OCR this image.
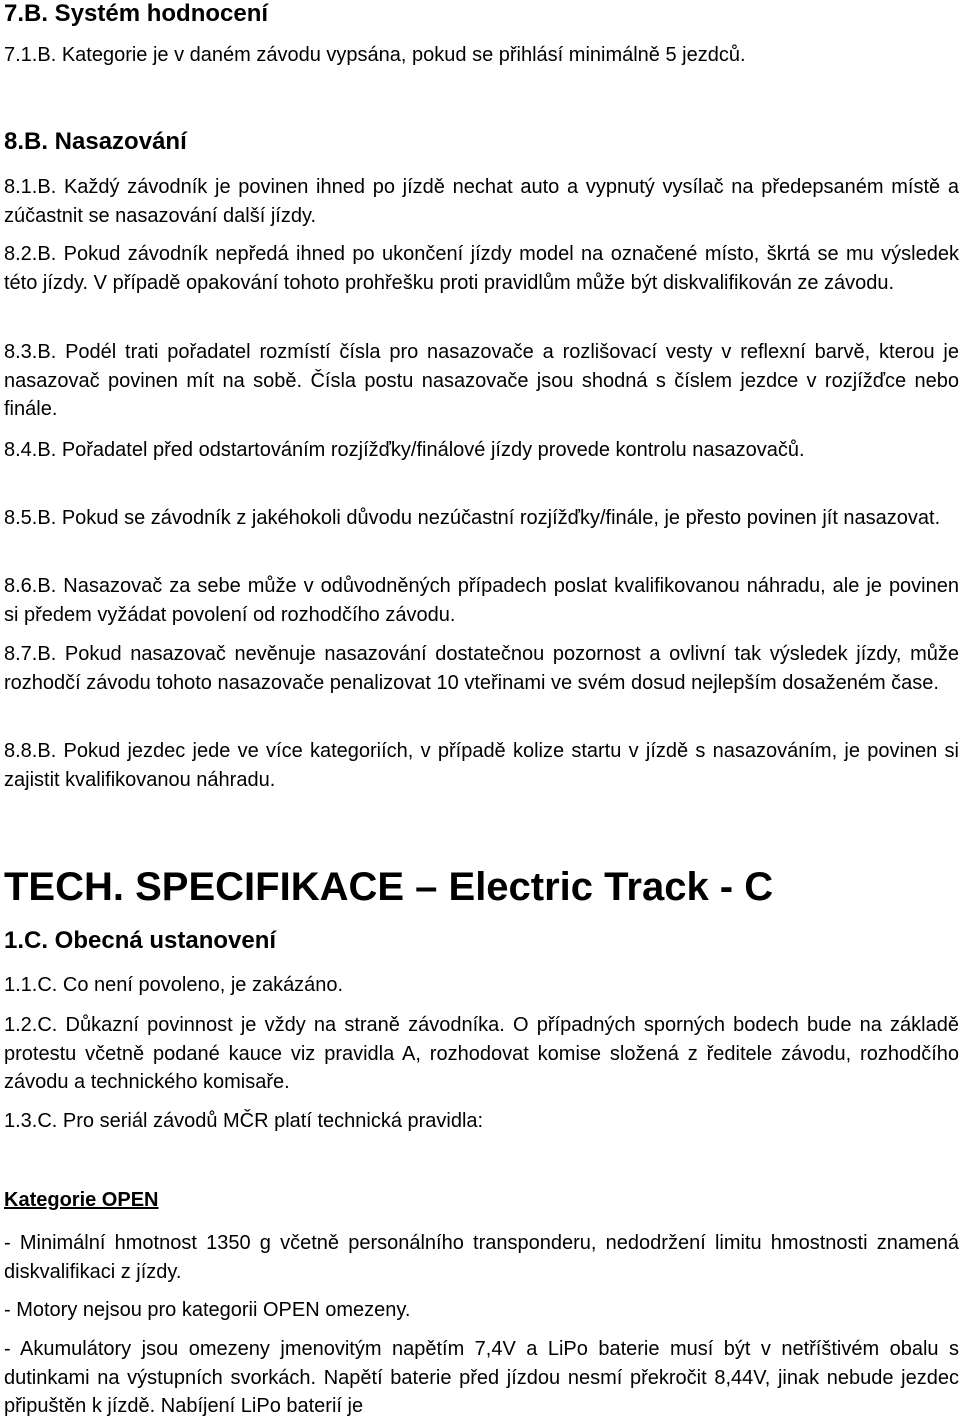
7.B. Systém hodnocení
7.1.B. Kategorie je v daném závodu vypsána, pokud se přihlásí minimálně 5 jezdců.
8.B. Nasazování
8.1.B. Každý závodník je povinen ihned po jízdě nechat auto a vypnutý vysílač na předepsaném místě a zúčastnit se nasazování další jízdy.
8.2.B. Pokud závodník nepředá ihned po ukončení jízdy model na označené místo, škrtá se mu výsledek této jízdy. V případě opakování tohoto prohřešku proti pravidlům může být diskvalifikován ze závodu.
8.3.B. Podél trati pořadatel rozmístí čísla pro nasazovače a rozlišovací vesty v reflexní barvě, kterou je nasazovač povinen mít na sobě. Čísla postu nasazovače jsou shodná s číslem jezdce v rozjížďce nebo finále.
8.4.B. Pořadatel před odstartováním rozjížďky/finálové jízdy provede kontrolu nasazovačů.
8.5.B. Pokud se závodník z jakéhokoli důvodu nezúčastní rozjížďky/finále, je přesto povinen jít nasazovat.
8.6.B. Nasazovač za sebe může v odůvodněných případech poslat kvalifikovanou náhradu, ale je povinen si předem vyžádat povolení od rozhodčího závodu.
8.7.B. Pokud nasazovač nevěnuje nasazování dostatečnou pozornost a ovlivní tak výsledek jízdy, může rozhodčí závodu tohoto nasazovače penalizovat 10 vteřinami ve svém dosud nejlepším dosaženém čase.
8.8.B. Pokud jezdec jede ve více kategoriích, v případě kolize startu v jízdě s nasazováním, je povinen si zajistit kvalifikovanou náhradu.
TECH. SPECIFIKACE – Electric Track - C
1.C. Obecná ustanovení
1.1.C. Co není povoleno, je zakázáno.
1.2.C. Důkazní povinnost je vždy na straně závodníka. O případných sporných bodech bude na základě protestu včetně podané kauce viz pravidla A, rozhodovat komise složená z ředitele závodu, rozhodčího závodu a technického komisaře.
1.3.C. Pro seriál závodů MČR platí technická pravidla:
Kategorie OPEN
- Minimální hmotnost 1350 g včetně personálního transponderu, nedodržení limitu hmostnosti znamená diskvalifikaci z jízdy.
- Motory nejsou pro kategorii OPEN omezeny.
- Akumulátory jsou omezeny jmenovitým napětím 7,4V a LiPo baterie musí být v netříštivém obalu s dutinkami na výstupních svorkách. Napětí baterie před jízdou nesmí překročit 8,44V, jinak nebude jezdec připuštěn k jízdě. Nabíjení LiPo baterií je
